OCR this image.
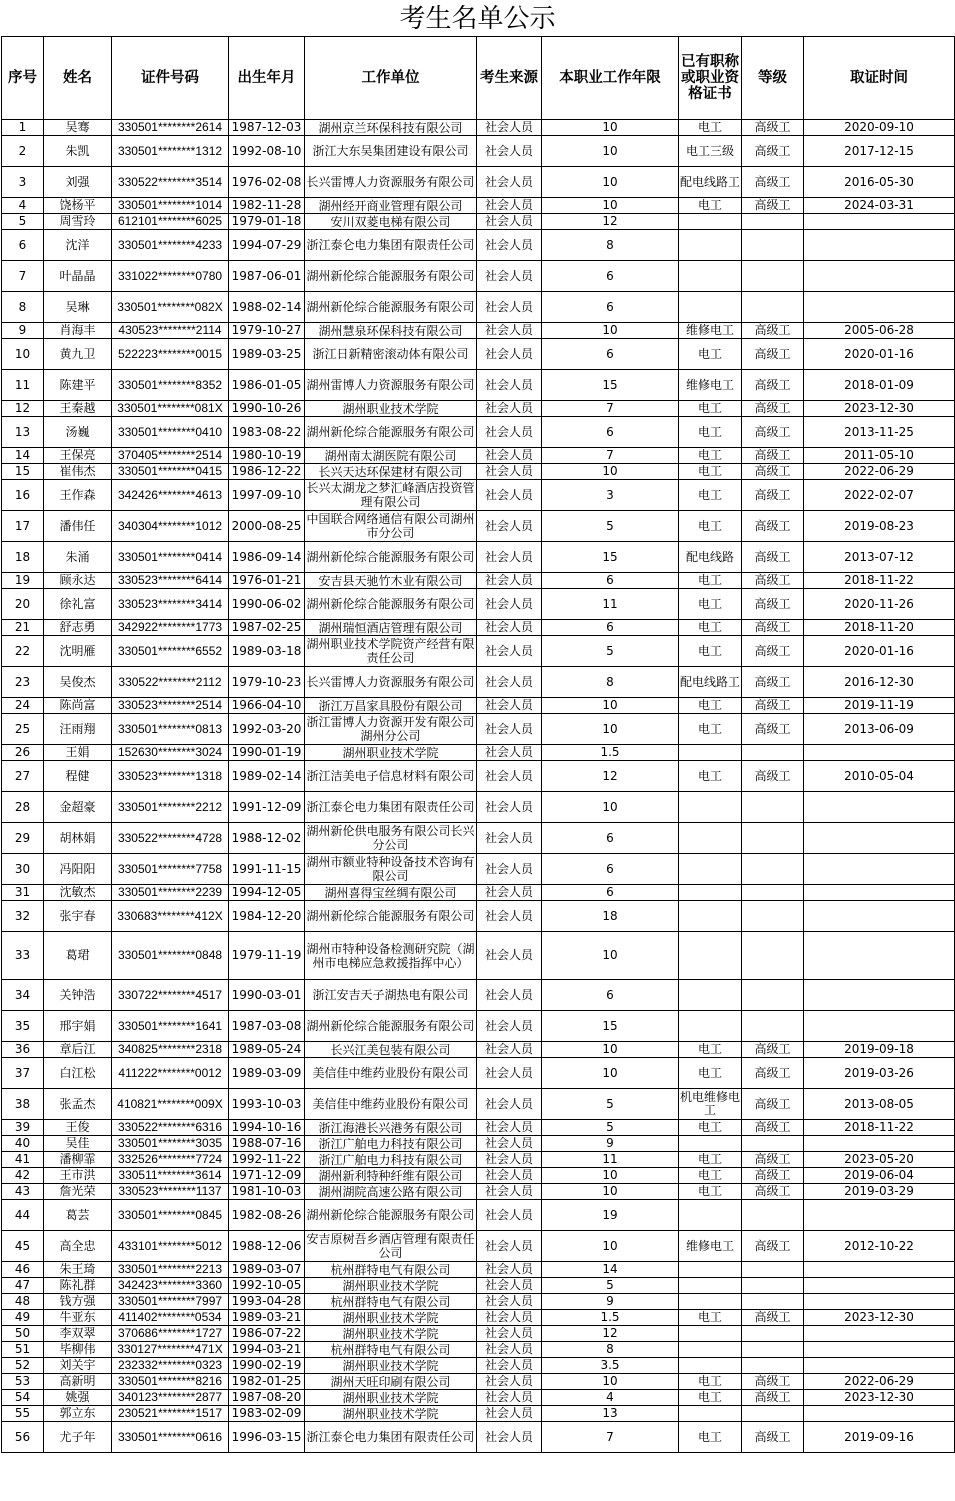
考生名单公示
序号	姓名	证件号码	出生年月	工作单位	考生来源	本职业工作年限	已有职称或职业资格证书	等级	取证时间
1	吴骞	330501********2614	1987-12-03	湖州京兰环保科技有限公司	社会人员	10	电工	高级工	2020-09-10
2	朱凯	330501********1312	1992-08-10	浙江大东吴集团建设有限公司	社会人员	10	电工三级	高级工	2017-12-15
3	刘强	330522********3514	1976-02-08	长兴雷博人力资源服务有限公司	社会人员	10	配电线路工	高级工	2016-05-30
4	饶杨平	330501********1014	1982-11-28	湖州经开商业管理有限公司	社会人员	10	电工	高级工	2024-03-31
5	周雪玲	612101********6025	1979-01-18	安川双菱电梯有限公司	社会人员	12			
6	沈洋	330501********4233	1994-07-29	浙江泰仑电力集团有限责任公司	社会人员	8			
7	叶晶晶	331022********0780	1987-06-01	湖州新伦综合能源服务有限公司	社会人员	6			
8	吴琳	330501********082X	1988-02-14	湖州新伦综合能源服务有限公司	社会人员	6			
9	肖海丰	430523********2114	1979-10-27	湖州慧泉环保科技有限公司	社会人员	10	维修电工	高级工	2005-06-28
10	黄九卫	522223********0015	1989-03-25	浙江日新精密滚动体有限公司	社会人员	6	电工	高级工	2020-01-16
11	陈建平	330501********8352	1986-01-05	湖州雷博人力资源服务有限公司	社会人员	15	维修电工	高级工	2018-01-09
12	王秦越	330501********081X	1990-10-26	湖州职业技术学院	社会人员	7	电工	高级工	2023-12-30
13	汤巍	330501********0410	1983-08-22	湖州新伦综合能源服务有限公司	社会人员	6	电工	高级工	2013-11-25
14	王保亮	370405********2514	1980-10-19	湖州南太湖医院有限公司	社会人员	7	电工	高级工	2011-05-10
15	崔伟杰	330501********0415	1986-12-22	长兴天达环保建材有限公司	社会人员	10	电工	高级工	2022-06-29
16	王作森	342426********4613	1997-09-10	长兴太湖龙之梦汇峰酒店投资管理有限公司	社会人员	3	电工	高级工	2022-02-07
17	潘伟任	340304********1012	2000-08-25	中国联合网络通信有限公司湖州市分公司	社会人员	5	电工	高级工	2019-08-23
18	朱涌	330501********0414	1986-09-14	湖州新伦综合能源服务有限公司	社会人员	15	配电线路	高级工	2013-07-12
19	顾永达	330523********6414	1976-01-21	安吉县天驰竹木业有限公司	社会人员	6	电工	高级工	2018-11-22
20	徐礼富	330523********3414	1990-06-02	湖州新伦综合能源服务有限公司	社会人员	11	电工	高级工	2020-11-26
21	舒志勇	342922********1773	1987-02-25	湖州瑞恒酒店管理有限公司	社会人员	6	电工	高级工	2018-11-20
22	沈明雁	330501********6552	1989-03-18	湖州职业技术学院资产经营有限责任公司	社会人员	5	电工	高级工	2020-01-16
23	吴俊杰	330522********2112	1979-10-23	长兴雷博人力资源服务有限公司	社会人员	8	配电线路工	高级工	2016-12-30
24	陈尚富	330523********2514	1966-04-10	浙江万昌家具股份有限公司	社会人员	10	电工	高级工	2019-11-19
25	汪雨翔	330501********0813	1992-03-20	浙江雷博人力资源开发有限公司湖州分公司	社会人员	10	电工	高级工	2013-06-09
26	王娟	152630********3024	1990-01-19	湖州职业技术学院	社会人员	1.5			
27	程健	330523********1318	1989-02-14	浙江洁美电子信息材料有限公司	社会人员	12	电工	高级工	2010-05-04
28	金超豪	330501********2212	1991-12-09	浙江泰仑电力集团有限责任公司	社会人员	10			
29	胡林娟	330522********4728	1988-12-02	湖州新伦供电服务有限公司长兴分公司	社会人员	6			
30	冯阳阳	330501********7758	1991-11-15	湖州市额业特种设备技术咨询有限公司	社会人员	6			
31	沈敏杰	330501********2239	1994-12-05	湖州喜得宝丝绸有限公司	社会人员	6			
32	张宇春	330683********412X	1984-12-20	湖州新伦综合能源服务有限公司	社会人员	18			
33	葛珺	330501********0848	1979-11-19	湖州市特种设备检测研究院（湖州市电梯应急救援指挥中心）	社会人员	10			
34	关钟浩	330722********4517	1990-03-01	浙江安吉天子湖热电有限公司	社会人员	6			
35	邢宇娟	330501********1641	1987-03-08	湖州新伦综合能源服务有限公司	社会人员	15			
36	章后江	340825********2318	1989-05-24	长兴江美包装有限公司	社会人员	10	电工	高级工	2019-09-18
37	白江松	411222********0012	1989-03-09	美信佳中维药业股份有限公司	社会人员	10	电工	高级工	2019-03-26
38	张孟杰	410821********009X	1993-10-03	美信佳中维药业股份有限公司	社会人员	5	机电维修电工	高级工	2013-08-05
39	王俊	330522********6316	1994-10-16	浙江海港长兴港务有限公司	社会人员	5	电工	高级工	2018-11-22
40	吴佳	330501********3035	1988-07-16	浙江广舶电力科技有限公司	社会人员	9			
41	潘柳霏	332526********7724	1992-11-22	浙江广舶电力科技有限公司	社会人员	11	电工	高级工	2023-05-20
42	王市洪	330511********3614	1971-12-09	湖州新利特种纤维有限公司	社会人员	10	电工	高级工	2019-06-04
43	詹光荣	330523********1137	1981-10-03	湖州湖院高速公路有限公司	社会人员	10	电工	高级工	2019-03-29
44	葛芸	330501********0845	1982-08-26	湖州新伦综合能源服务有限公司	社会人员	19			
45	高全忠	433101********5012	1988-12-06	安吉原树吾乡酒店管理有限责任公司	社会人员	10	维修电工	高级工	2012-10-22
46	朱王琦	330501********2213	1989-03-07	杭州群特电气有限公司	社会人员	14			
47	陈礼群	342423********3360	1992-10-05	湖州职业技术学院	社会人员	5			
48	钱方强	330501********7997	1993-04-28	杭州群特电气有限公司	社会人员	9			
49	牛亚东	411402********0534	1989-03-21	湖州职业技术学院	社会人员	1.5	电工	高级工	2023-12-30
50	李双翠	370686********1727	1986-07-22	湖州职业技术学院	社会人员	12			
51	毕柳伟	330127********471X	1994-03-21	杭州群特电气有限公司	社会人员	8			
52	刘关宇	232332********0323	1990-02-19	湖州职业技术学院	社会人员	3.5			
53	高新明	330501********8216	1982-01-25	湖州天旺印刷有限公司	社会人员	10	电工	高级工	2022-06-29
54	姚强	340123********2877	1987-08-20	湖州职业技术学院	社会人员	4	电工	高级工	2023-12-30
55	郭立东	230521********1517	1983-02-09	湖州职业技术学院	社会人员	13			
56	尤子年	330501********0616	1996-03-15	浙江泰仑电力集团有限责任公司	社会人员	7	电工	高级工	2019-09-16
